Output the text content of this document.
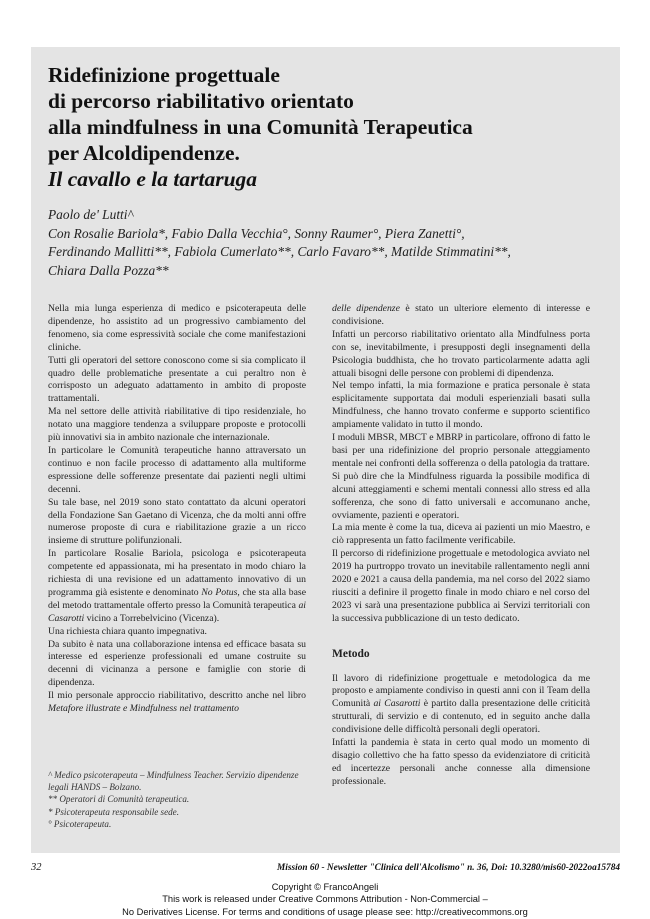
Ridefinizione progettuale
di percorso riabilitativo orientato
alla mindfulness in una Comunità Terapeutica
per Alcoldipendenze.
Il cavallo e la tartaruga
Paolo de' Lutti^
Con Rosalie Bariola*, Fabio Dalla Vecchia°, Sonny Raumer°, Piera Zanetti°,
Ferdinando Mallitti**, Fabiola Cumerlato**, Carlo Favaro**, Matilde Stimmatini**,
Chiara Dalla Pozza**

Nella mia lunga esperienza di medico e psicoterapeuta delle dipendenze, ho assistito ad un progressivo cambiamento del fenomeno, sia come espressività sociale che come manifestazioni cliniche.

Tutti gli operatori del settore conoscono come si sia complicato il quadro delle problematiche presentate a cui peraltro non è corrisposto un adeguato adattamento in ambito di proposte trattamentali.

Ma nel settore delle attività riabilitative di tipo residenziale, ho notato una maggiore tendenza a sviluppare proposte e protocolli più innovativi sia in ambito nazionale che internazionale.

In particolare le Comunità terapeutiche hanno attraversato un continuo e non facile processo di adattamento alla multiforme espressione delle sofferenze presentate dai pazienti negli ultimi decenni.

Su tale base, nel 2019 sono stato contattato da alcuni operatori della Fondazione San Gaetano di Vicenza, che da molti anni offre numerose proposte di cura e riabilitazione grazie a un ricco insieme di strutture polifunzionali.

In particolare Rosalie Bariola, psicologa e psicoterapeuta competente ed appassionata, mi ha presentato in modo chiaro la richiesta di una revisione ed un adattamento innovativo di un programma già esistente e denominato No Potus, che sta alla base del metodo trattamentale offerto presso la Comunità terapeutica ai Casarotti vicino a Torrebelvicino (Vicenza).

Una richiesta chiara quanto impegnativa.

Da subito è nata una collaborazione intensa ed efficace basata su interesse ed esperienze professionali ed umane costruite su decenni di vicinanza a persone e famiglie con storie di dipendenza.

Il mio personale approccio riabilitativo, descritto anche nel libro Metafore illustrate e Mindfulness nel trattamento

^ Medico psicoterapeuta – Mindfulness Teacher. Servizio dipendenze legali HANDS – Bolzano.

** Operatori di Comunità terapeutica.

* Psicoterapeuta responsabile sede.

° Psicoterapeuta.

delle dipendenze è stato un ulteriore elemento di interesse e condivisione.

Infatti un percorso riabilitativo orientato alla Mindfulness porta con se, inevitabilmente, i presupposti degli insegnamenti della Psicologia buddhista, che ho trovato particolarmente adatta agli attuali bisogni delle persone con problemi di dipendenza.

Nel tempo infatti, la mia formazione e pratica personale è stata esplicitamente supportata dai moduli esperienziali basati sulla Mindfulness, che hanno trovato conferme e supporto scientifico ampiamente validato in tutto il mondo.

I moduli MBSR, MBCT e MBRP in particolare, offrono di fatto le basi per una ridefinizione del proprio personale atteggiamento mentale nei confronti della sofferenza o della patologia da trattare.

Si può dire che la Mindfulness riguarda la possibile modifica di alcuni atteggiamenti e schemi mentali connessi allo stress ed alla sofferenza, che sono di fatto universali e accomunano anche, ovviamente, pazienti e operatori.

La mia mente è come la tua, diceva ai pazienti un mio Maestro, e ciò rappresenta un fatto facilmente verificabile.

Il percorso di ridefinizione progettuale e metodologica avviato nel 2019 ha purtroppo trovato un inevitabile rallentamento negli anni 2020 e 2021 a causa della pandemia, ma nel corso del 2022 siamo riusciti a definire il progetto finale in modo chiaro e nel corso del 2023 vi sarà una presentazione pubblica ai Servizi territoriali con la successiva pubblicazione di un testo dedicato.

Metodo

Il lavoro di ridefinizione progettuale e metodologica da me proposto e ampiamente condiviso in questi anni con il Team della Comunità ai Casarotti è partito dalla presentazione delle criticità strutturali, di servizio e di contenuto, ed in seguito anche dalla condivisione delle difficoltà personali degli operatori.

Infatti la pandemia è stata in certo qual modo un momento di disagio collettivo che ha fatto spesso da evidenziatore di criticità ed incertezze personali anche connesse alla dimensione professionale.

32	Mission 60 - Newsletter "Clinica dell'Alcolismo" n. 36, Doi: 10.3280/mis60-2022oa15784

Copyright © FrancoAngeli

This work is released under Creative Commons Attribution - Non-Commercial –

No Derivatives License. For terms and conditions of usage please see: http://creativecommons.org
